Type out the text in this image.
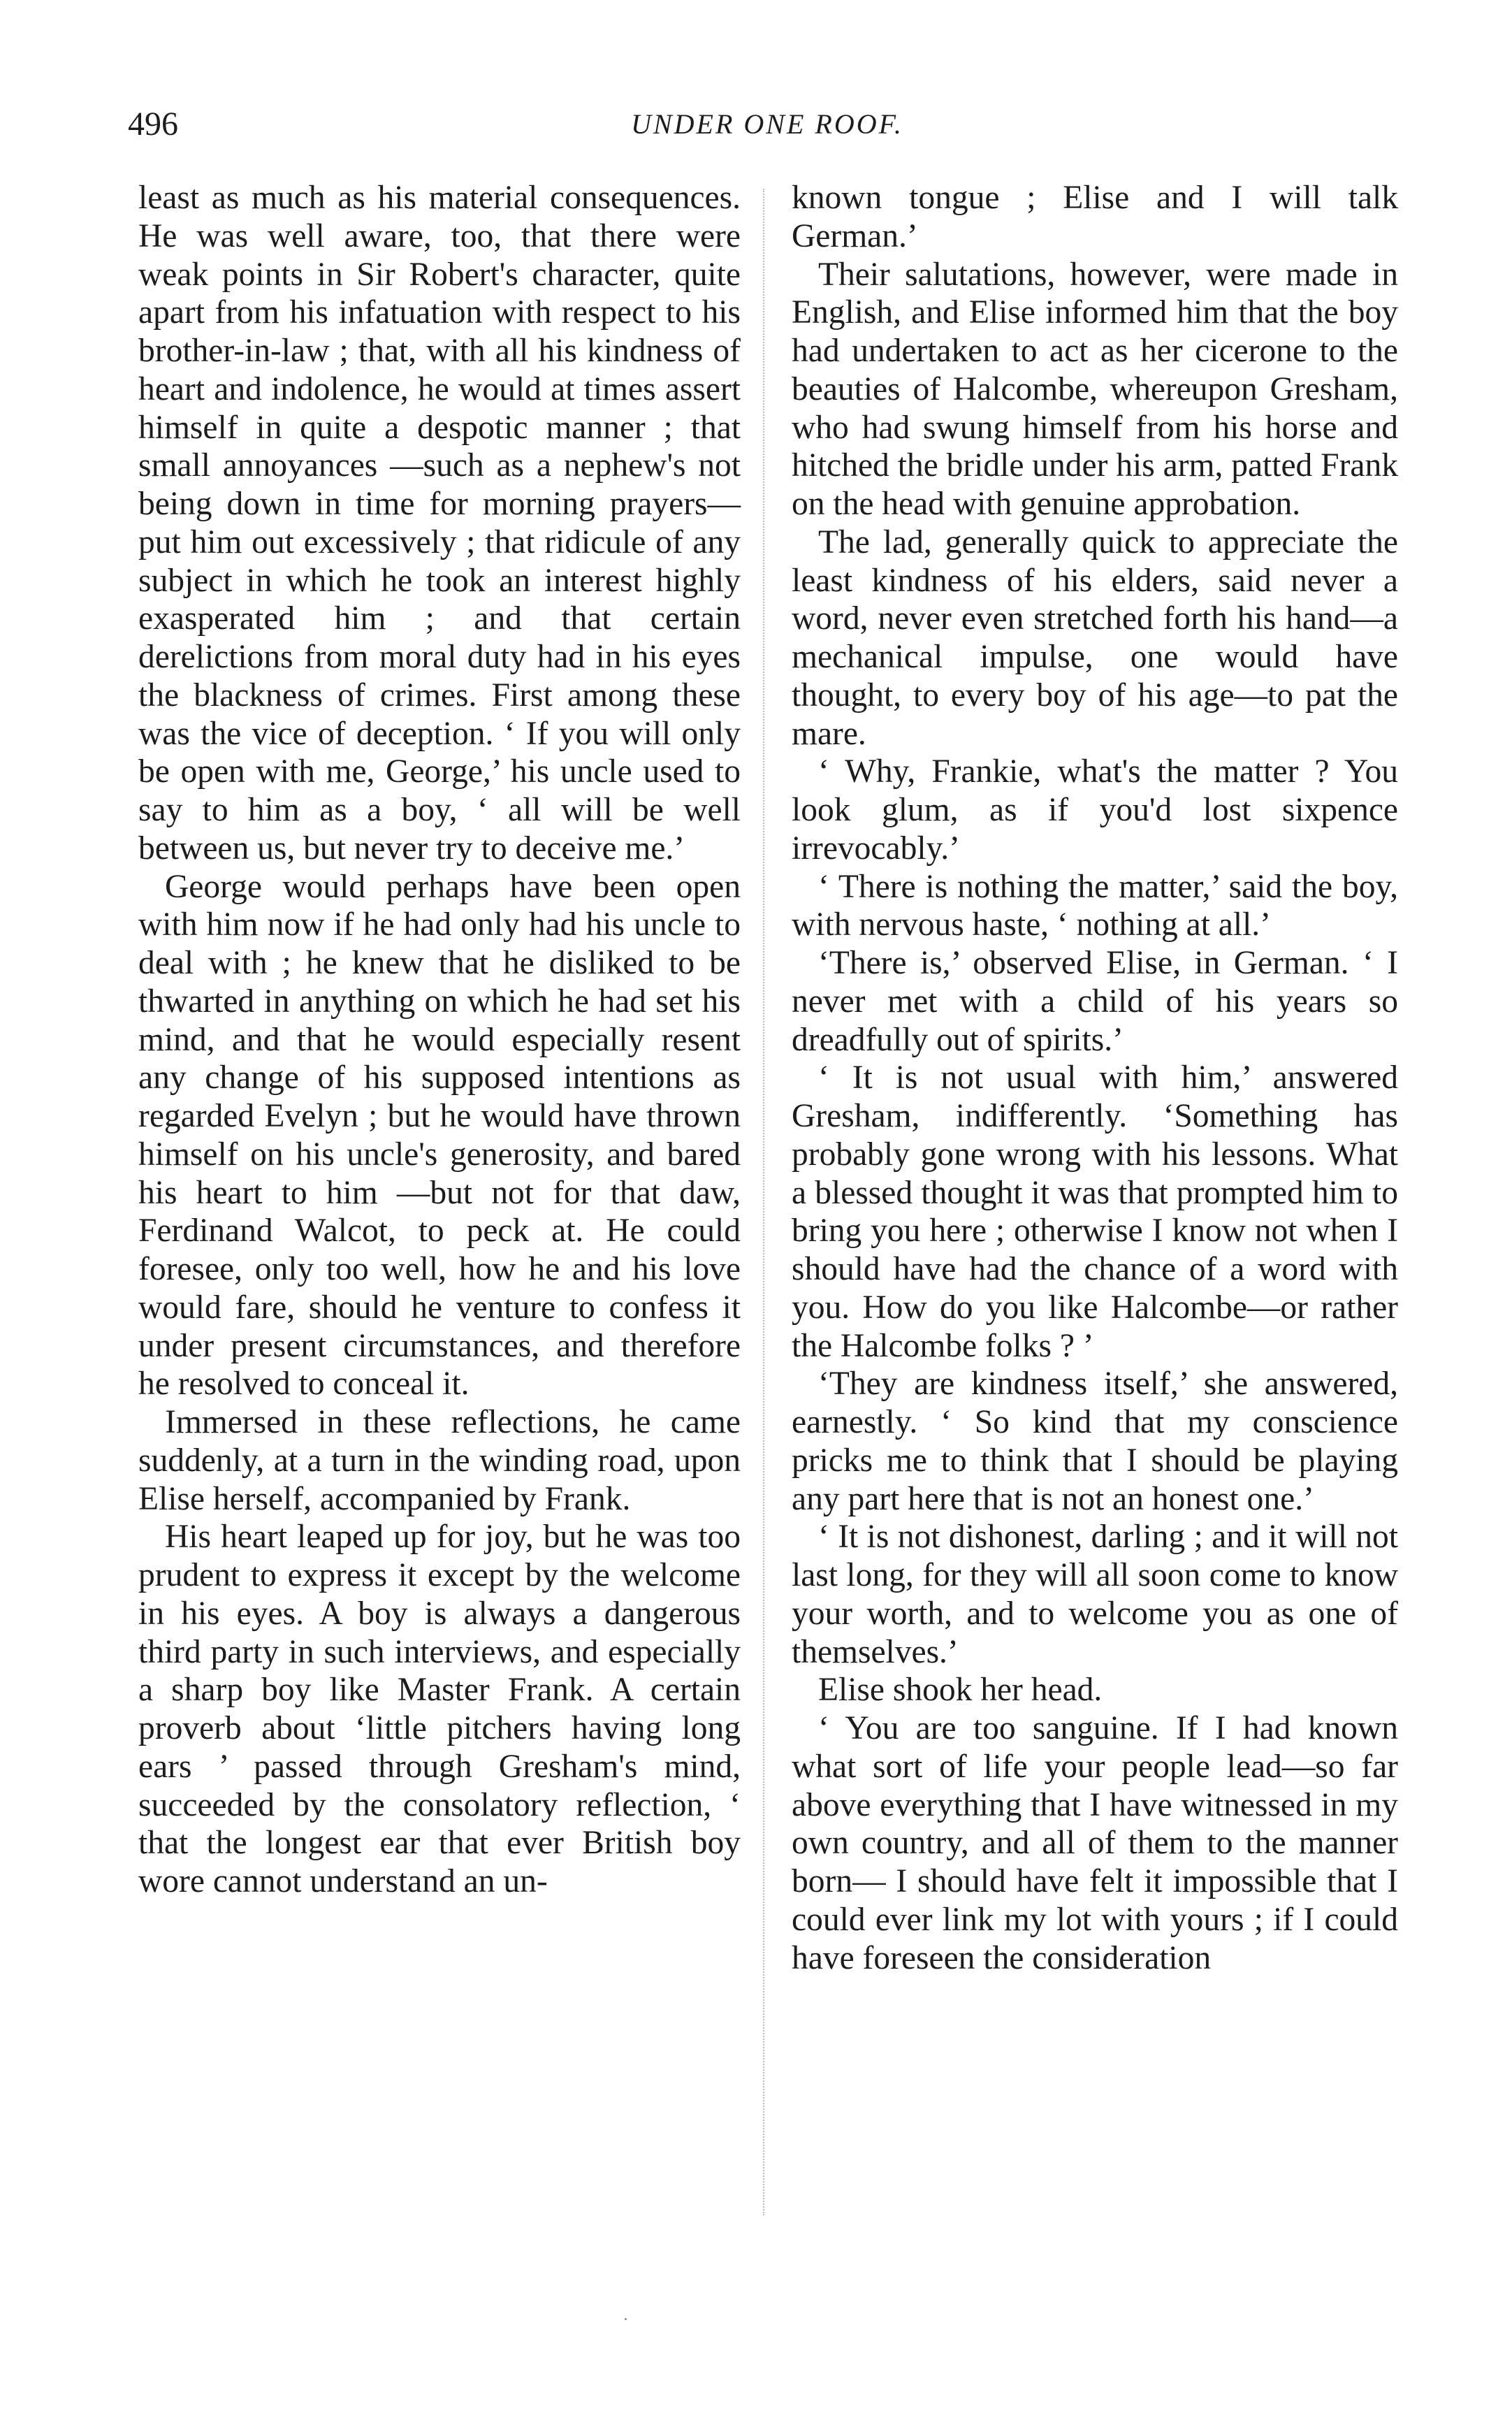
496	UNDER ONE ROOF.

least as much as his material consequences. He was well aware, too, that there were weak points in Sir Robert's character, quite apart from his infatuation with respect to his brother-in-law ; that, with all his kindness of heart and indolence, he would at times assert himself in quite a despotic manner ; that small annoyances —such as a nephew's not being down in time for morning prayers—put him out excessively ; that ridicule of any subject in which he took an interest highly exasperated him ; and that certain derelictions from moral duty had in his eyes the blackness of crimes. First among these was the vice of deception. ‘ If you will only be open with me, George,’ his uncle used to say to him as a boy, ‘ all will be well between us, but never try to deceive me.’

George would perhaps have been open with him now if he had only had his uncle to deal with ; he knew that he disliked to be thwarted in anything on which he had set his mind, and that he would especially resent any change of his supposed intentions as regarded Evelyn ; but he would have thrown himself on his uncle's generosity, and bared his heart to him —but not for that daw, Ferdinand Walcot, to peck at. He could foresee, only too well, how he and his love would fare, should he venture to confess it under present circumstances, and therefore he resolved to conceal it.

Immersed in these reflections, he came suddenly, at a turn in the winding road, upon Elise herself, accompanied by Frank.

His heart leaped up for joy, but he was too prudent to express it except by the welcome in his eyes. A boy is always a dangerous third party in such interviews, and especially a sharp boy like Master Frank. A certain proverb about ‘little pitchers having long ears ’ passed through Gresham's mind, succeeded by the consolatory reflection, ‘ that the longest ear that ever British boy wore cannot understand an un-

known tongue ; Elise and I will talk German.’

Their salutations, however, were made in English, and Elise informed him that the boy had undertaken to act as her cicerone to the beauties of Halcombe, whereupon Gresham, who had swung himself from his horse and hitched the bridle under his arm, patted Frank on the head with genuine approbation.

The lad, generally quick to appreciate the least kindness of his elders, said never a word, never even stretched forth his hand—a mechanical impulse, one would have thought, to every boy of his age—to pat the mare.

‘ Why, Frankie, what's the matter ? You look glum, as if you'd lost sixpence irrevocably.’

‘ There is nothing the matter,’ said the boy, with nervous haste, ‘ nothing at all.’

‘There is,’ observed Elise, in German. ‘ I never met with a child of his years so dreadfully out of spirits.’

‘ It is not usual with him,’ answered Gresham, indifferently. ‘Something has probably gone wrong with his lessons. What a blessed thought it was that prompted him to bring you here ; otherwise I know not when I should have had the chance of a word with you. How do you like Halcombe—or rather the Halcombe folks ? ’

‘They are kindness itself,’ she answered, earnestly. ‘ So kind that my conscience pricks me to think that I should be playing any part here that is not an honest one.’

‘ It is not dishonest, darling ; and it will not last long, for they will all soon come to know your worth, and to welcome you as one of themselves.’

Elise shook her head.

‘ You are too sanguine. If I had known what sort of life your people lead—so far above everything that I have witnessed in my own country, and all of them to the manner born— I should have felt it impossible that I could ever link my lot with yours ; if I could have foreseen the consideration
